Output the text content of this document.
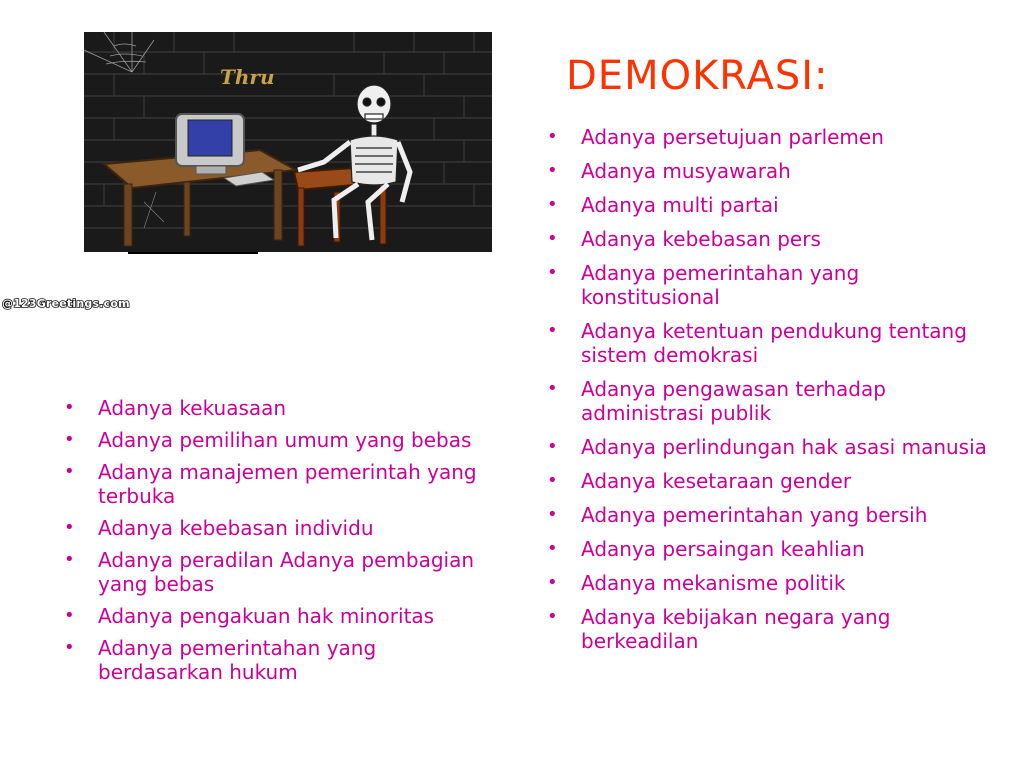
Thru
@123Greetings.com
DEMOKRASI:
• Adanya persetujuan parlemen
• Adanya musyawarah
• Adanya multi partai
• Adanya kebebasan pers
• Adanya pemerintahan yang konstitusional
• Adanya ketentuan pendukung tentang sistem demokrasi
• Adanya pengawasan terhadap administrasi publik
• Adanya perlindungan hak asasi manusia
• Adanya kesetaraan gender
• Adanya pemerintahan yang bersih
• Adanya persaingan keahlian
• Adanya mekanisme politik
• Adanya kebijakan negara yang berkeadilan
• Adanya kekuasaan
• Adanya pemilihan umum yang bebas
• Adanya manajemen pemerintah yang terbuka
• Adanya kebebasan individu
• Adanya peradilan Adanya pembagian yang bebas
• Adanya pengakuan hak minoritas
• Adanya pemerintahan yang berdasarkan hukum
